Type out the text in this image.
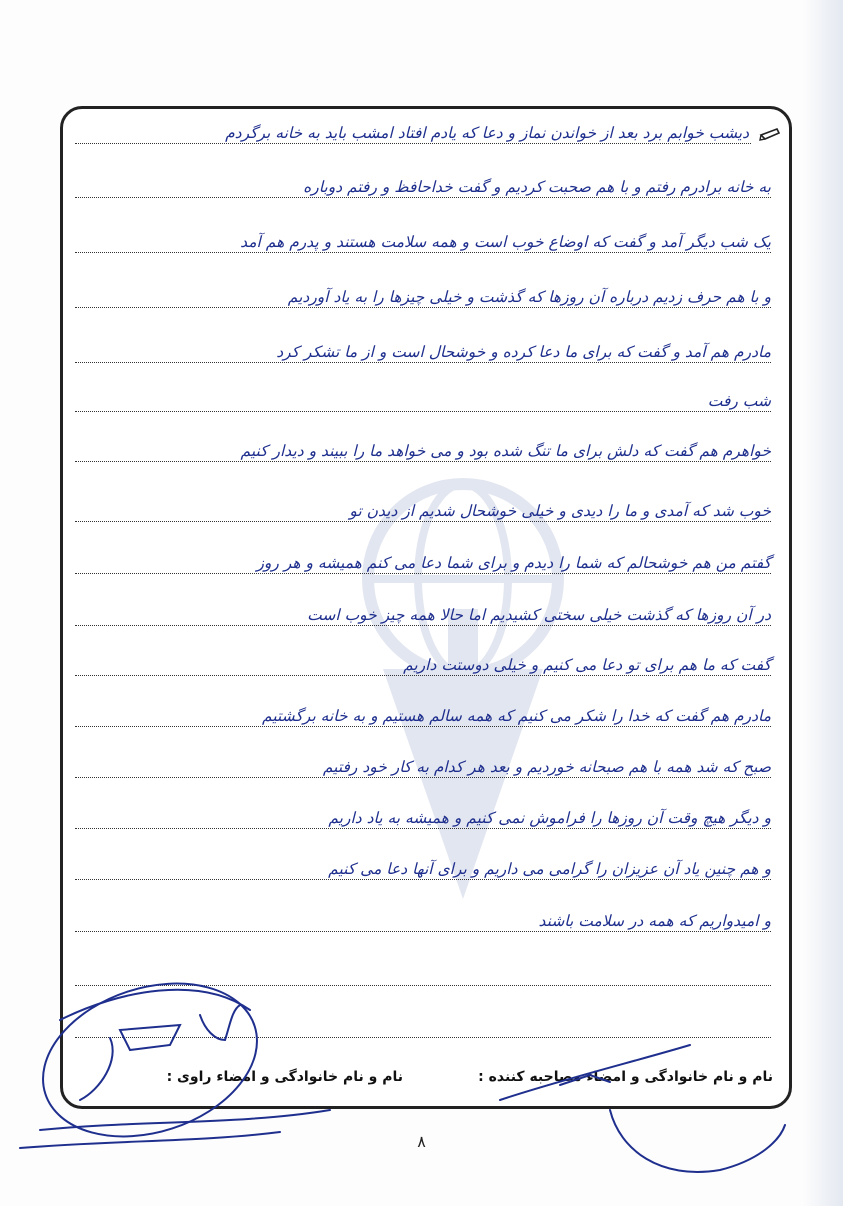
دیشب خوابم برد بعد از خواندن نماز و دعا که یادم افتاد امشب باید به خانه برگردم
به خانه برادرم رفتم و با هم صحبت کردیم و گفت خداحافظ و رفتم دوباره
یک شب دیگر آمد و گفت که اوضاع خوب است و همه سلامت هستند و پدرم هم آمد
و با هم حرف زدیم درباره آن روزها که گذشت و خیلی چیزها را به یاد آوردیم
مادرم هم آمد و گفت که برای ما دعا کرده و خوشحال است و از ما تشکر کرد
شب رفت
خواهرم هم گفت که دلش برای ما تنگ شده بود و می خواهد ما را ببیند و دیدار کنیم
خوب شد که آمدی و ما را دیدی و خیلی خوشحال شدیم از دیدن تو
گفتم من هم خوشحالم که شما را دیدم و برای شما دعا می کنم همیشه و هر روز
در آن روزها که گذشت خیلی سختی کشیدیم اما حالا همه چیز خوب است
گفت که ما هم برای تو دعا می کنیم و خیلی دوستت داریم
مادرم هم گفت که خدا را شکر می کنیم که همه سالم هستیم و به خانه برگشتیم
صبح که شد همه با هم صبحانه خوردیم و بعد هر کدام به کار خود رفتیم
و دیگر هیچ وقت آن روزها را فراموش نمی کنیم و همیشه به یاد داریم
و هم چنین یاد آن عزیزان را گرامی می داریم و برای آنها دعا می کنیم
و امیدواریم که همه در سلامت باشند
نام و نام خانوادگی و امضاء مصاحبه کننده :
نام و نام خانوادگی و امضاء راوی :
۸
